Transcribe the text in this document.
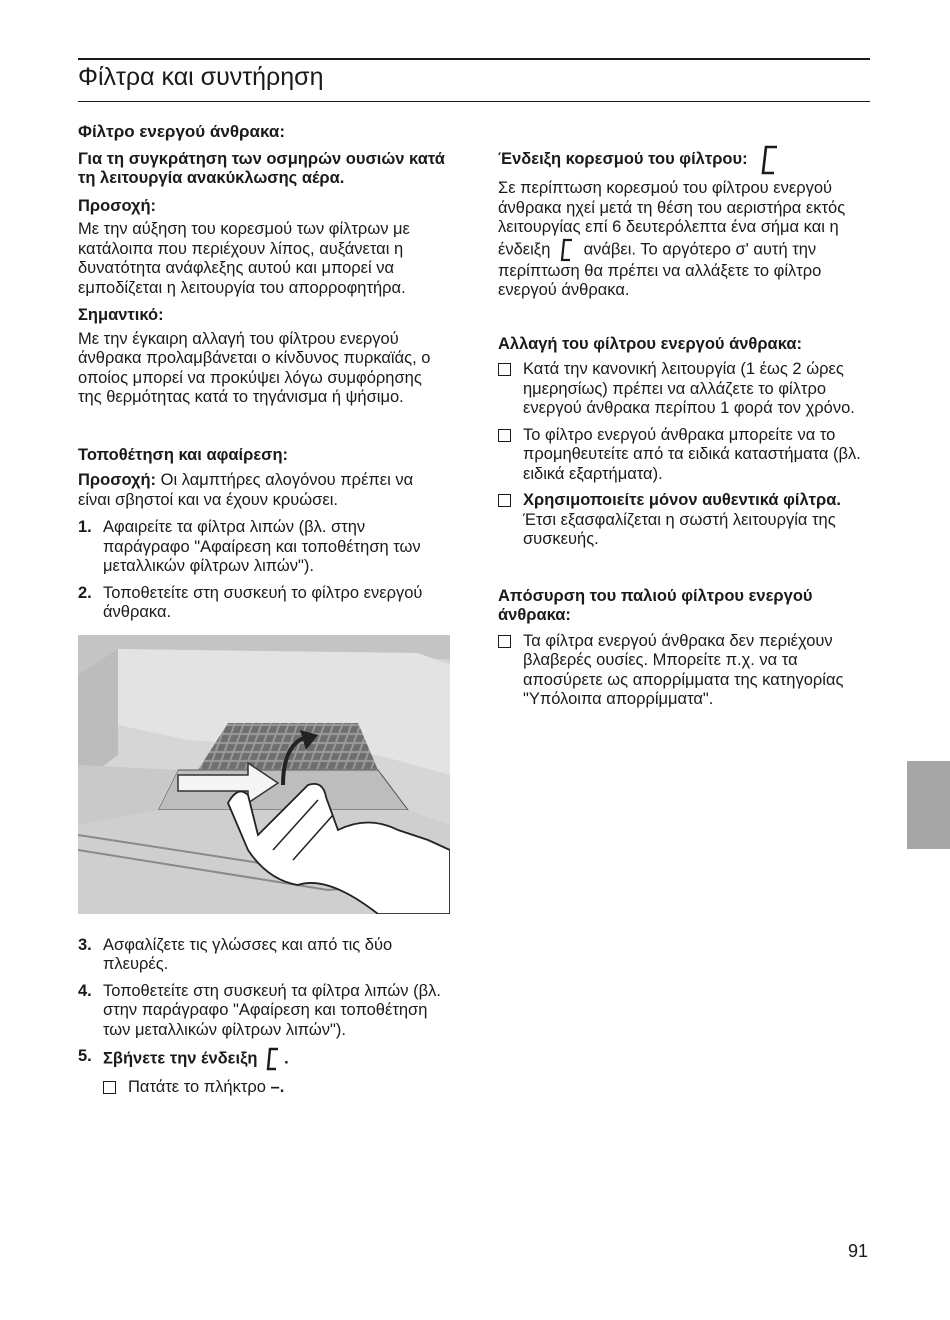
Φίλτρα και συντήρηση
Φίλτρο ενεργού άνθρακα:
Για τη συγκράτηση των οσμηρών ουσιών κατά τη λειτουργία ανακύκλωσης αέρα.
Προσοχή:
Με την αύξηση του κορεσμού των φίλτρων με κατάλοιπα που περιέχουν λίπος, αυξάνεται η δυνατότητα ανάφλεξης αυτού και μπορεί να εμποδίζεται η λειτουργία του απορροφητήρα.
Σημαντικό:
Με την έγκαιρη αλλαγή του φίλτρου ενεργού άνθρακα προλαμβάνεται ο κίνδυνος πυρκαϊάς, ο οποίος μπορεί να προκύψει λόγω συμφόρησης της θερμότητας κατά το τηγάνισμα ή ψήσιμο.
Τοποθέτηση και αφαίρεση:
Προσοχή: Οι λαμπτήρες αλογόνου πρέπει να είναι σβηστοί και να έχουν κρυώσει.
1. Αφαιρείτε τα φίλτρα λιπών (βλ. στην παράγραφο "Αφαίρεση και τοποθέτηση των μεταλλικών φίλτρων λιπών").
2. Τοποθετείτε στη συσκευή το φίλτρο ενεργού άνθρακα.
3. Ασφαλίζετε τις γλώσσες και από τις δύο πλευρές.
4. Τοποθετείτε στη συσκευή τα φίλτρα λιπών (βλ. στην παράγραφο "Αφαίρεση και τοποθέτηση των μεταλλικών φίλτρων λιπών").
5. Σβήνετε την ένδειξη .
Πατάτε το πλήκτρο –.
Ένδειξη κορεσμού του φίλτρου:
Σε περίπτωση κορεσμού του φίλτρου ενεργού άνθρακα ηχεί μετά τη θέση του αεριστήρα εκτός λειτουργίας επί 6 δευτερόλεπτα ένα σήμα και η ένδειξη ανάβει. Το αργότερο σ' αυτή την περίπτωση θα πρέπει να αλλάξετε το φίλτρο ενεργού άνθρακα.
Αλλαγή του φίλτρου ενεργού άνθρακα:
Κατά την κανονική λειτουργία (1 έως 2 ώρες ημερησίως) πρέπει να αλλάζετε το φίλτρο ενεργού άνθρακα περίπου 1 φορά τον χρόνο.
Το φίλτρο ενεργού άνθρακα μπορείτε να το προμηθευτείτε από τα ειδικά καταστήματα (βλ. ειδικά εξαρτήματα).
Χρησιμοποιείτε μόνον αυθεντικά φίλτρα.
Έτσι εξασφαλίζεται η σωστή λειτουργία της συσκευής.
Απόσυρση του παλιού φίλτρου ενεργού άνθρακα:
Τα φίλτρα ενεργού άνθρακα δεν περιέχουν βλαβερές ουσίες. Μπορείτε π.χ. να τα αποσύρετε ως απορρίμματα της κατηγορίας "Υπόλοιπα απορρίμματα".
91
